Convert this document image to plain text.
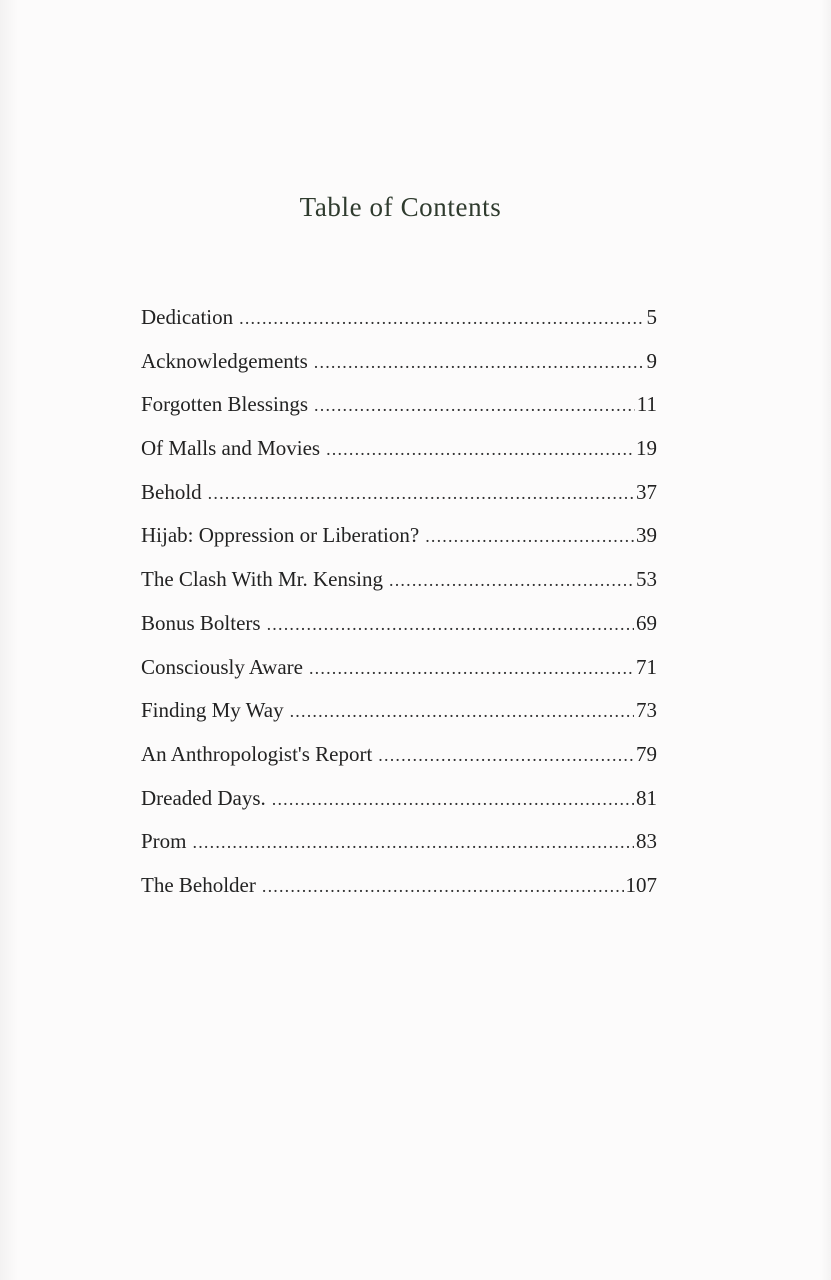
Table of Contents
Dedication .....	5
Acknowledgements .....	9
Forgotten Blessings .....	11
Of Malls and Movies .....	19
Behold .....	37
Hijab: Oppression or Liberation? .....	39
The Clash With Mr. Kensing .....	53
Bonus Bolters .....	69
Consciously Aware .....	71
Finding My Way .....	73
An Anthropologist's Report .....	79
Dreaded Days. .....	81
Prom .....	83
The Beholder .....	107
